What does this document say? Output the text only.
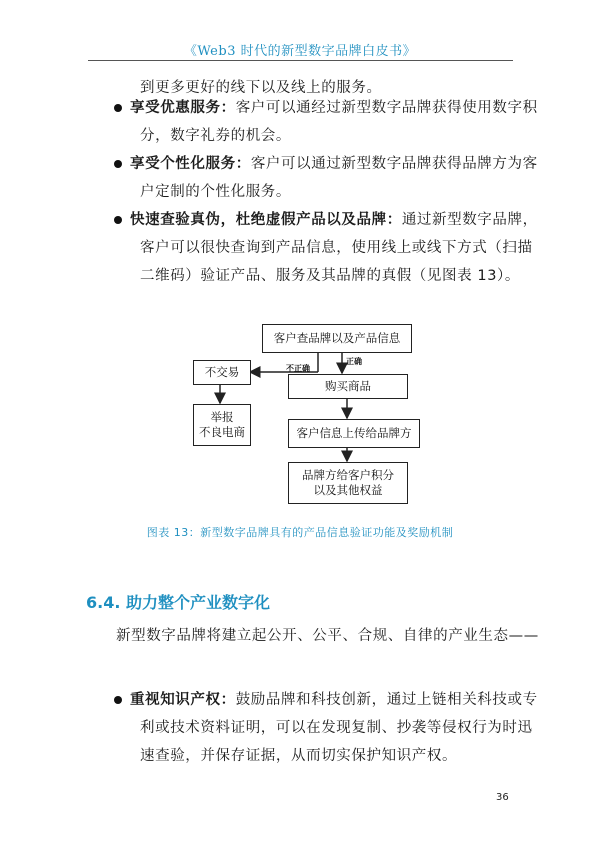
《Web3 时代的新型数字品牌白皮书》
到更多更好的线下以及线上的服务。
享受优惠服务：客户可以通经过新型数字品牌获得使用数字积
分，数字礼券的机会。
享受个性化服务：客户可以通过新型数字品牌获得品牌方为客
户定制的个性化服务。
快速查验真伪，杜绝虚假产品以及品牌：通过新型数字品牌，
客户可以很快查询到产品信息，使用线上或线下方式（扫描
二维码）验证产品、服务及其品牌的真假（见图表 13）。
客户查品牌以及产品信息
不交易
举报
不良电商
购买商品
客户信息上传给品牌方
品牌方给客户积分
以及其他权益
不正确
正确
图表 13：新型数字品牌具有的产品信息验证功能及奖励机制
6.4. 助力整个产业数字化
新型数字品牌将建立起公开、公平、合规、自律的产业生态——
重视知识产权：鼓励品牌和科技创新，通过上链相关科技或专
利或技术资料证明，可以在发现复制、抄袭等侵权行为时迅
速查验，并保存证据，从而切实保护知识产权。
36
